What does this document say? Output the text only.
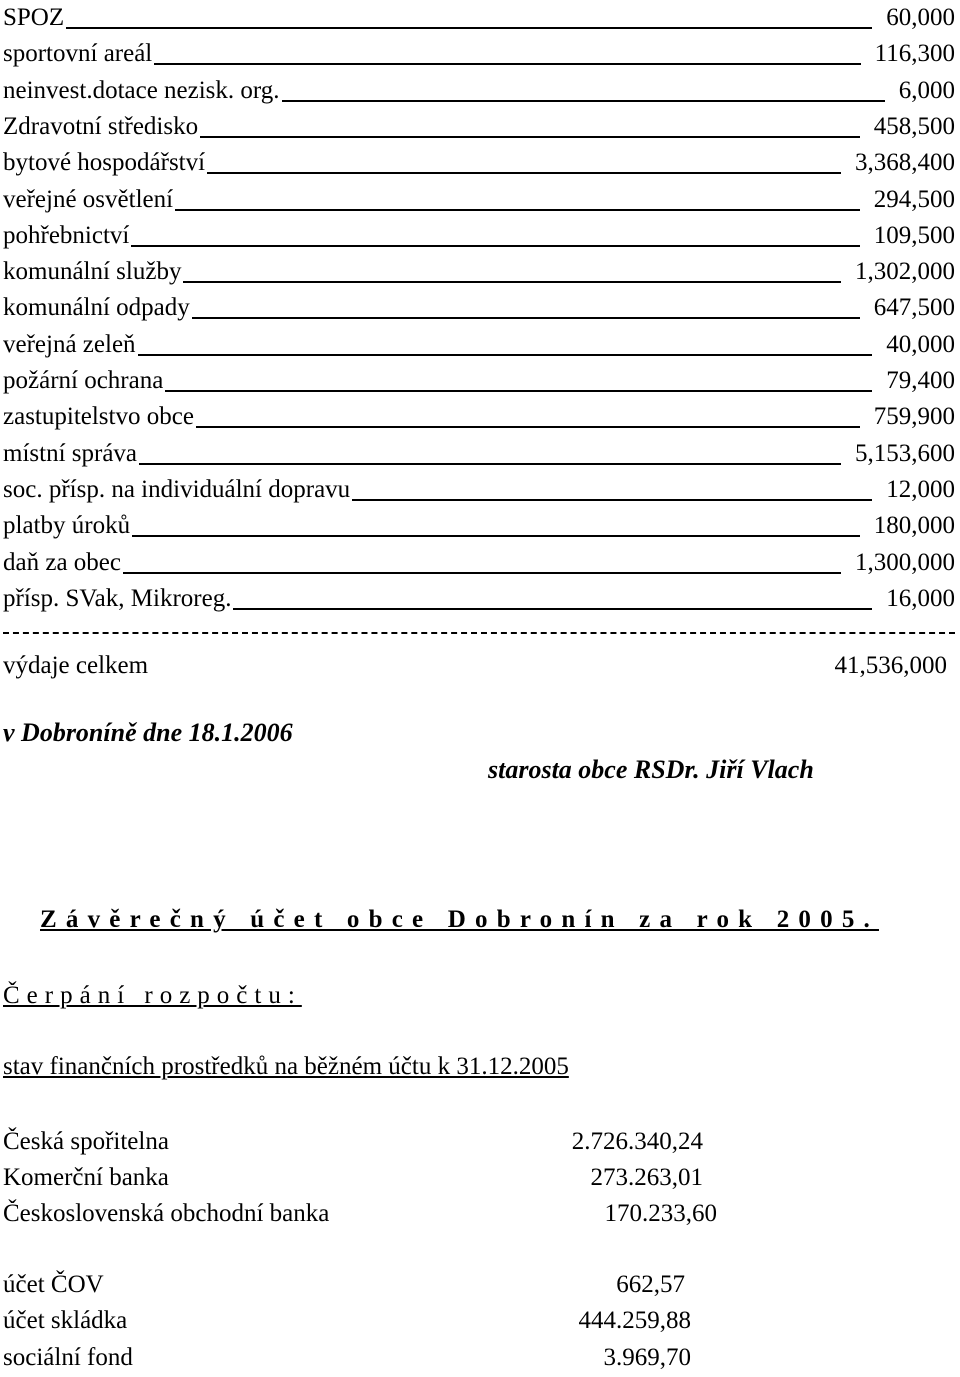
SPOZ	60,000
sportovní areál	116,300
neinvest.dotace nezisk. org.	6,000
Zdravotní středisko	458,500
bytové hospodářství	3,368,400
veřejné osvětlení	294,500
pohřebnictví	109,500
komunální služby	1,302,000
komunální odpady	647,500
veřejná zeleň	40,000
požární ochrana	79,400
zastupitelstvo obce	759,900
místní správa	5,153,600
soc. přísp. na individuální dopravu	12,000
platby úroků	180,000
daň za obec	1,300,000
přísp. SVak, Mikroreg.	16,000
výdaje celkem	41,536,000
v Dobroníně dne 18.1.2006
starosta obce RSDr. Jiří Vlach
Závěrečný účet obce Dobronín za rok 2005.
Čerpání rozpočtu:
stav finančních prostředků na běžném účtu k 31.12.2005
Česká spořitelna	2.726.340,24
Komerční banka	273.263,01
Československá obchodní banka	170.233,60
účet ČOV	662,57
účet skládka	444.259,88
sociální fond	3.969,70
